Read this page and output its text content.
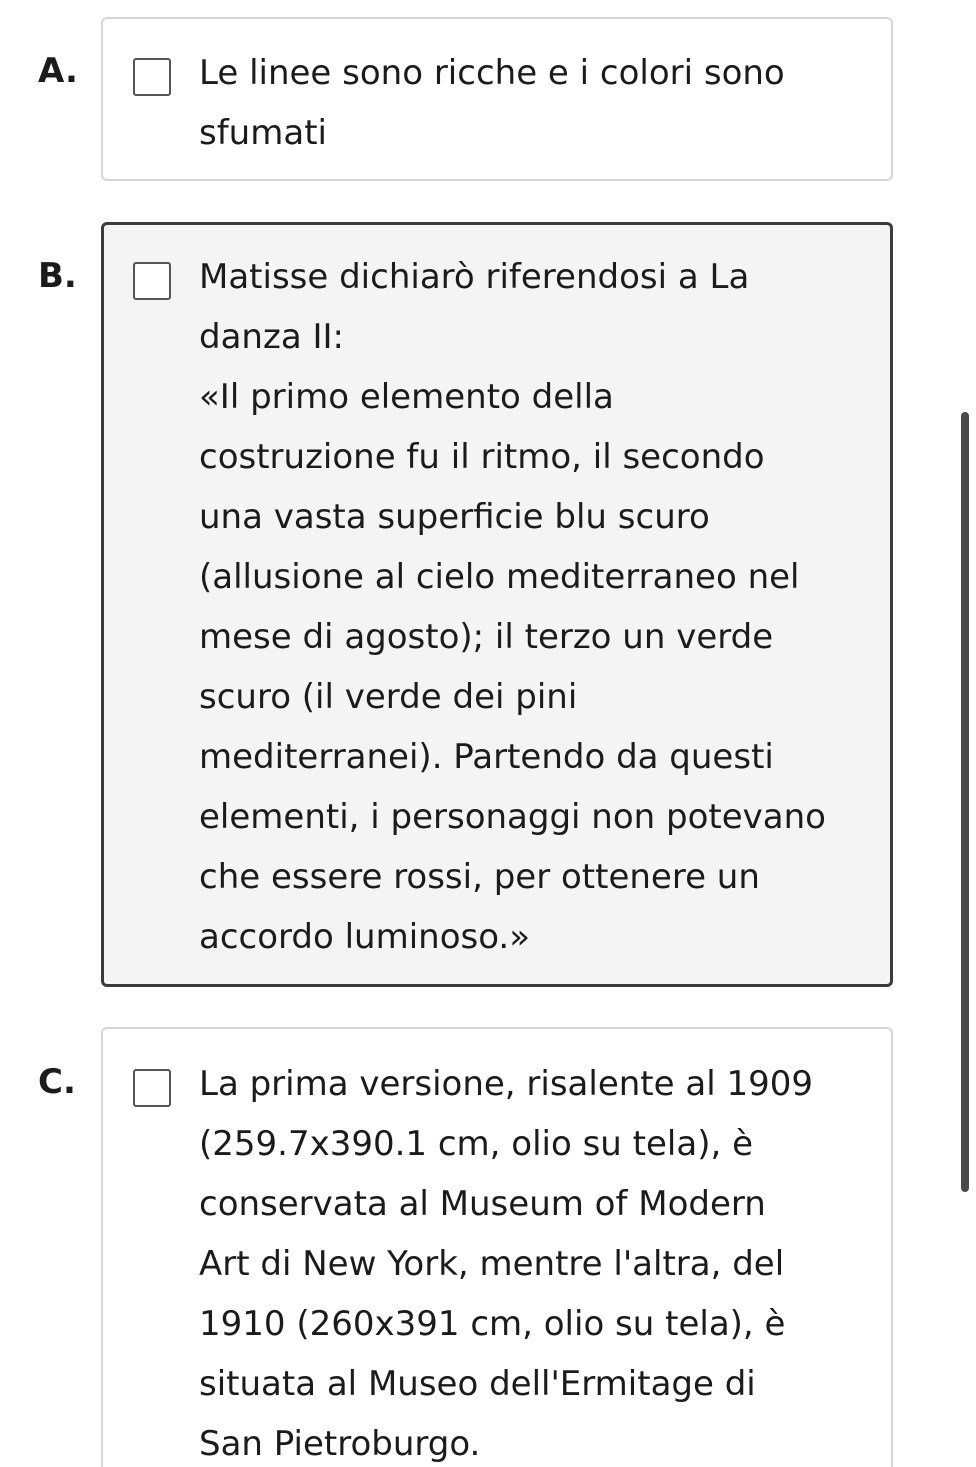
A.	Le linee sono ricche e i colori sono
sfumati
B.	Matisse dichiarò riferendosi a La
danza II:
«Il primo elemento della
costruzione fu il ritmo, il secondo
una vasta superficie blu scuro
(allusione al cielo mediterraneo nel
mese di agosto); il terzo un verde
scuro (il verde dei pini
mediterranei). Partendo da questi
elementi, i personaggi non potevano
che essere rossi, per ottenere un
accordo luminoso.»
C.	La prima versione, risalente al 1909
(259.7x390.1 cm, olio su tela), è
conservata al Museum of Modern
Art di New York, mentre l'altra, del
1910 (260x391 cm, olio su tela), è
situata al Museo dell'Ermitage di
San Pietroburgo.
